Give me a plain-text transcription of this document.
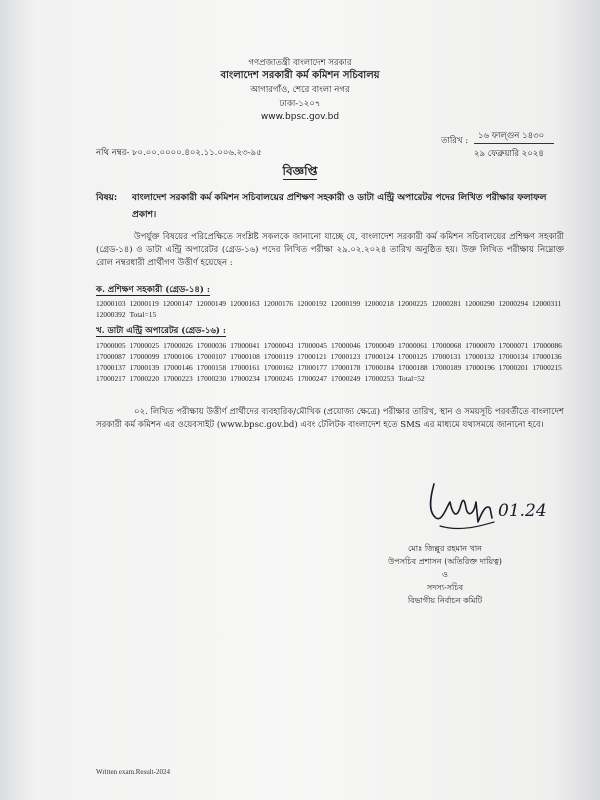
গণপ্রজাতন্ত্রী বাংলাদেশ সরকার
বাংলাদেশ সরকারী কর্ম কমিশন সচিবালয়
আগারগাঁও, শেরে বাংলা নগর
ঢাকা-১২০৭
www.bpsc.gov.bd
নথি নম্বর- ৮০.০০.০০০০.৪০২.১১.০০৬.২৩-৯৫
তারিখ : ১৬ ফাল্গুন ১৪৩০
২৯ ফেব্রুয়ারি ২০২৪
বিজ্ঞপ্তি
বিষয়: বাংলাদেশ সরকারী কর্ম কমিশন সচিবালয়ের প্রশিক্ষণ সহকারী ও ডাটা এন্ট্রি অপারেটর পদের লিখিত পরীক্ষার ফলাফল প্রকাশ।
উপর্যুক্ত বিষয়ের পরিপ্রেক্ষিতে সংশ্লিষ্ট সকলকে জানানো যাচ্ছে যে, বাংলাদেশ সরকারী কর্ম কমিশন সচিবালয়ের প্রশিক্ষণ সহকারী (গ্রেড-১৪) ও ডাটা এন্ট্রি অপারেটর (গ্রেড-১৬) পদের লিখিত পরীক্ষা ২৯.০২.২০২৪ তারিখ অনুষ্ঠিত হয়। উক্ত লিখিত পরীক্ষায় নিম্নোক্ত রোল নম্বরধারী প্রার্থীগণ উত্তীর্ণ হয়েছেন :
ক. প্রশিক্ষণ সহকারী (গ্রেড-১৪) :
12000103 12000119 12000147 12000149 12000163 12000176 12000192 12000199 12000218 12000225 12000281 12000290 12000294 1200031112000392 Total=15
খ. ডাটা এন্ট্রি অপারেটর (গ্রেড-১৬) :
17000005 17000025 17000026 17000036 17000041 17000043 17000045 17000046 17000049 17000061 17000068 17000070 17000071 1700008617000087 17000099 17000106 17000107 17000108 17000119 17000121 17000123 17000124 17000125 17000131 17000132 17000134 1700013617000137 17000139 17000146 17000158 17000161 17000162 17000177 17000178 17000184 17000188 17000189 17000196 17000201 1700021517000217 17000220 17000223 17000230 17000234 17000245 17000247 17000249 17000253 Total=52
০২. লিখিত পরীক্ষায় উত্তীর্ণ প্রার্থীদের ব্যবহারিক/মৌখিক (প্রযোজ্য ক্ষেত্রে) পরীক্ষার তারিখ, স্থান ও সময়সূচি পরবর্তীতে বাংলাদেশ সরকারী কর্ম কমিশন এর ওয়েবসাইট (www.bpsc.gov.bd) এবং টেলিটক বাংলাদেশ হতে SMS এর মাধ্যমে যথাসময়ে জানানো হবে।
01.24
মোঃ জিল্লুর রহমান খান
উপসচিব প্রশাসন (অতিরিক্ত দায়িত্ব)
ও
সদস্য-সচিব
বিভাগীয় নির্বাচন কমিটি
Written exam.Result-2024
